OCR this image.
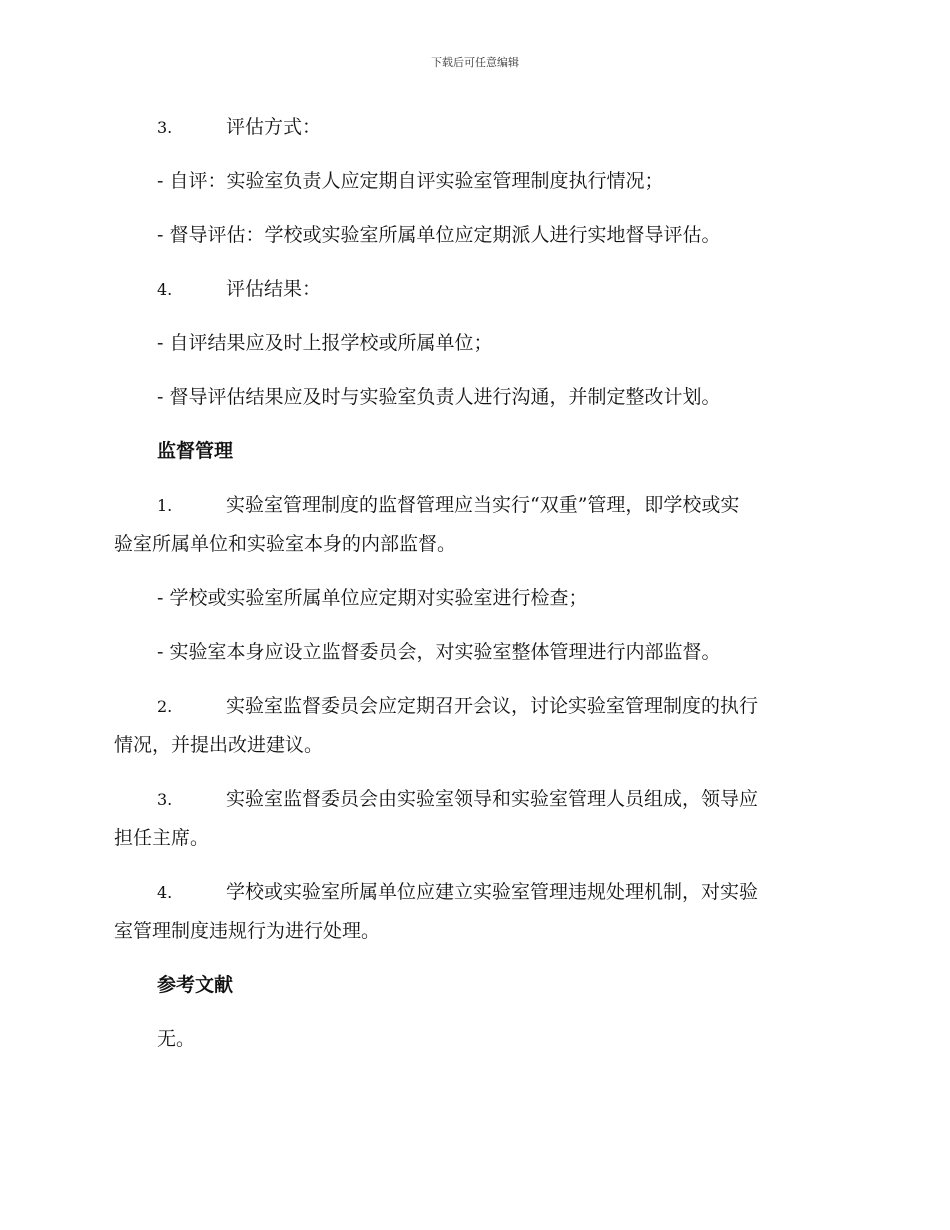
下载后可任意编辑
3.	评估方式：
- 自评：实验室负责人应定期自评实验室管理制度执行情况；
- 督导评估：学校或实验室所属单位应定期派人进行实地督导评估。
4.	评估结果：
- 自评结果应及时上报学校或所属单位；
- 督导评估结果应及时与实验室负责人进行沟通，并制定整改计划。
监督管理
1.	实验室管理制度的监督管理应当实行“双重”管理，即学校或实
验室所属单位和实验室本身的内部监督。
- 学校或实验室所属单位应定期对实验室进行检查；
- 实验室本身应设立监督委员会，对实验室整体管理进行内部监督。
2.	实验室监督委员会应定期召开会议，讨论实验室管理制度的执行
情况，并提出改进建议。
3.	实验室监督委员会由实验室领导和实验室管理人员组成，领导应
担任主席。
4.	学校或实验室所属单位应建立实验室管理违规处理机制，对实验
室管理制度违规行为进行处理。
参考文献
无。
